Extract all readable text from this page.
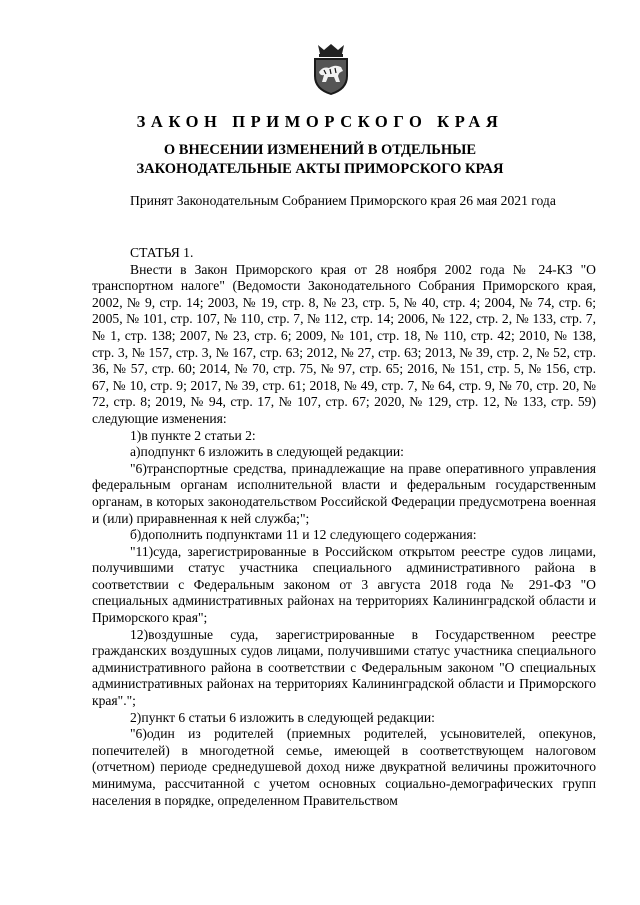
ЗАКОН ПРИМОРСКОГО КРАЯ
О ВНЕСЕНИИ ИЗМЕНЕНИЙ В ОТДЕЛЬНЫЕ
ЗАКОНОДАТЕЛЬНЫЕ АКТЫ ПРИМОРСКОГО КРАЯ

Принят Законодательным Собранием Приморского края 26 мая 2021 года

СТАТЬЯ 1.

Внести в Закон Приморского края от 28 ноября 2002 года № 24-КЗ "О транспортном налоге" (Ведомости Законодательного Собрания Приморского края, 2002, № 9, стр. 14; 2003, № 19, стр. 8, № 23, стр. 5, № 40, стр. 4; 2004, № 74, стр. 6; 2005, № 101, стр. 107, № 110, стр. 7, № 112, стр. 14; 2006, № 122, стр. 2, № 133, стр. 7, № 1, стр. 138; 2007, № 23, стр. 6; 2009, № 101, стр. 18, № 110, стр. 42; 2010, № 138, стр. 3, № 157, стр. 3, № 167, стр. 63; 2012, № 27, стр. 63; 2013, № 39, стр. 2, № 52, стр. 36, № 57, стр. 60; 2014, № 70, стр. 75, № 97, стр. 65; 2016, № 151, стр. 5, № 156, стр. 67, № 10, стр. 9; 2017, № 39, стр. 61; 2018, № 49, стр. 7, № 64, стр. 9, № 70, стр. 20, № 72, стр. 8; 2019, № 94, стр. 17, № 107, стр. 67; 2020, № 129, стр. 12, № 133, стр. 59) следующие изменения:

1)в пункте 2 статьи 2:

а)подпункт 6 изложить в следующей редакции:

"6)транспортные средства, принадлежащие на праве оперативного управления федеральным органам исполнительной власти и федеральным государственным органам, в которых законодательством Российской Федерации предусмотрена военная и (или) приравненная к ней служба;";

б)дополнить подпунктами 11 и 12 следующего содержания:

"11)суда, зарегистрированные в Российском открытом реестре судов лицами, получившими статус участника специального административного района в соответствии с Федеральным законом от 3 августа 2018 года № 291-ФЗ "О специальных административных районах на территориях Калининградской области и Приморского края";

12)воздушные суда, зарегистрированные в Государственном реестре гражданских воздушных судов лицами, получившими статус участника специального административного района в соответствии с Федеральным законом "О специальных административных районах на территориях Калининградской области и Приморского края".";

2)пункт 6 статьи 6 изложить в следующей редакции:

"6)один из родителей (приемных родителей, усыновителей, опекунов, попечителей) в многодетной семье, имеющей в соответствующем налоговом (отчетном) периоде среднедушевой доход ниже двукратной величины прожиточного минимума, рассчитанной с учетом основных социально-демографических групп населения в порядке, определенном Правительством
